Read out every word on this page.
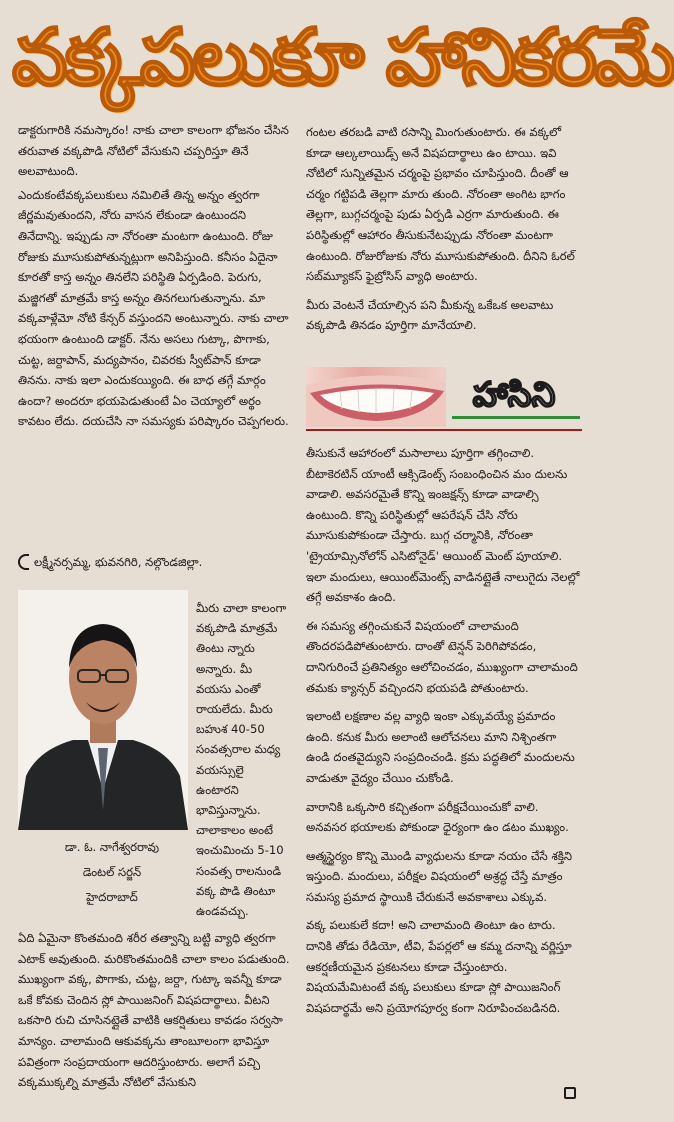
వక్కపలుకూ హానికరమే

డాక్టరుగారికి నమస్కారం! నాకు చాలా కాలంగా భోజనం చేసిన తరువాత వక్కపొడి నోటిలో వేసుకుని చప్పరిస్తూ తినే అలవాటుంది.

ఎందుకంటేవక్కపలుకులు నమిలితే తిన్న అన్నం త్వరగా జీర్ణమవుతుందని, నోరు వాసన లేకుండా ఉంటుందని తినేదాన్ని. ఇప్పుడు నా నోరంతా మంటగా ఉంటుంది. రోజు రోజుకు మూసుకుపోతున్నట్లుగా అనిపిస్తుంది. కనీసం ఏదైనా కూరతో కాస్త అన్నం తినలేని పరిస్థితి ఏర్పడింది. పెరుగు, మజ్జిగతో మాత్రమే కాస్త అన్నం తినగలుగుతున్నాను. మా వక్కవాళ్లేమో నోటి కేన్సర్ వస్తుందని అంటున్నారు. నాకు చాలా భయంగా ఉంటుంది డాక్టర్. నేను అసలు గుట్కా, పొగాకు, చుట్ట, జర్దాపాన్, మద్యపానం, చివరకు స్వీట్‌పాన్ కూడా తినను. నాకు ఇలా ఎందుకయ్యింది. ఈ బాధ తగ్గే మార్గం ఉందా? అందరూ భయపెడుతుంటే ఏం చెయ్యాలో అర్థం కావటం లేదు. దయచేసి నా సమస్యకు పరిష్కారం చెప్పగలరు.

లక్ష్మీనర్సమ్మ, భువనగిరి, నల్గొండజిల్లా.
డా. ఓ. నాగేశ్వరరావు
డెంటల్ సర్జన్
హైదరాబాద్
మీరు చాలా కాలంగా వక్కపొడి మాత్రమే తింటు న్నారు అన్నారు. మీ వయసు ఎంతో రాయలేదు. మీరు బహుశ 40-50 సంవత్సరాల మధ్య వయస్సులై ఉంటారని భావిస్తున్నాను. చాలాకాలం అంటే ఇంచుమించు 5-10 సంవత్స రాలనుండి వక్క పొడి తింటూ ఉండవచ్చు.
ఏది ఏమైనా కొంతమంది శరీర తత్వాన్ని బట్టి వ్యాధి త్వరగా ఎటాక్ అవుతుంది. మరికొంతమందికి చాలా కాలం పడుతుంది. ముఖ్యంగా వక్క, పొగాకు, చుట్ట, జర్దా, గుట్కా ఇవన్నీ కూడా ఒకే కోవకు చెందిన స్లో పాయిజనింగ్ విషపదార్థాలు. వీటని ఒకసారి రుచి చూసినట్లైతే వాటికి ఆకర్షితులు కావడం సర్వసా మాన్యం. చాలామంది ఆకువక్కను తాంబూలంగా భావిస్తూ పవిత్రంగా సంప్రదాయంగా ఆదరిస్తుంటారు. అలాగే పచ్చి వక్కముక్కల్ని మాత్రమే నోటిలో వేసుకుని

గంటల తరబడి వాటి రసాన్ని మింగుతుంటారు. ఈ వక్కలో కూడా ఆల్కలాయిడ్స్ అనే విషపదార్థాలు ఉం టాయి. ఇవి నోటిలో సున్నితమైన చర్మంపై ప్రభావం చూపిస్తుంది. దీంతో ఆ చర్మం గట్టిపడి తెల్లగా మారు తుంది. నోరంతా అంగిట భాగం తెల్లగా, బుగ్గచర్మంపై పుడు ఏర్పడి ఎర్రగా మారుతుంది. ఈ పరిస్థితుల్లో ఆహారం తీసుకునేటప్పుడు నోరంతా మంటగా ఉంటుంది. రోజురోజుకు నోరు మూసుకుపోతుంది. దీనిని ఓరల్ సబ్‌మ్యూకస్ ఫైబ్రోసిస్ వ్యాధి అంటారు.

మీరు వెంటనే చేయాల్సిన పని మీకున్న ఒకేఒక అలవాటు వక్కపొడి తినడం పూర్తిగా మానేయాలి.

హాసిని

తీసుకునే ఆహారంలో మసాలాలు పూర్తిగా తగ్గించాలి. బీటాకెరటిన్ యాంటీ ఆక్సిడెంట్స్ సంబంధించిన మం దులను వాడాలి. అవసరమైతే కొన్ని ఇంజక్షన్స్ కూడా వాడాల్సి ఉంటుంది. కొన్ని పరిస్థితుల్లో ఆపరేషన్ చేసి నోరు మూసుకుపోకుండా చేస్తారు. బుగ్గ చర్మానికి, నోరంతా 'ట్రైయామ్సినోలోన్ ఎసిటోనైడ్' ఆయింట్ మెంట్ పూయాలి. ఇలా మందులు, ఆయింట్‌మెంట్స్ వాడినట్లైతే నాలుగైదు నెలల్లో తగ్గే అవకాశం ఉంది.

ఈ సమస్య తగ్గించుకునే విషయంలో చాలామంది తొందరపడిపోతుంటారు. దాంతో టెన్షన్ పెరిగిపోవడం, దానిగురించే ప్రతినిత్యం ఆలోచించడం, ముఖ్యంగా చాలామంది తమకు క్యాన్సర్ వచ్చిందని భయపడి పోతుంటారు.

ఇలాంటి లక్షణాల వల్ల వ్యాధి ఇంకా ఎక్కువయ్యే ప్రమాదం ఉంది. కనుక మీరు అలాంటి ఆలోచనలు మాని నిశ్చింతగా ఉండి దంతవైద్యుని సంప్రదించండి. క్రమ పద్ధతిలో మందులను వాడుతూ వైద్యం చేయిం చుకోండి.

వారానికి ఒక్కసారి కచ్చితంగా పరీక్షచేయించుకో వాలి. అనవసర భయాలకు పోకుండా ధైర్యంగా ఉం డటం ముఖ్యం.

ఆత్మస్థైర్యం కొన్ని మొండి వ్యాధులను కూడా నయం చేసే శక్తిని ఇస్తుంది. మందులు, పరీక్షల విషయంలో అశ్రద్ధ చేస్తే మాత్రం సమస్య ప్రమాద స్థాయికి చేరుకునే అవకాశాలు ఎక్కువ.

వక్క పలుకులే కదా! అని చాలామంది తింటూ ఉం టారు. దానికి తోడు రేడియో, టీవి, పేపర్లలో ఆ కమ్మ దనాన్ని వర్ణిస్తూ ఆకర్షణీయమైన ప్రకటనలు కూడా చేస్తుంటారు. విషయమేమిటంటే వక్క పలుకులు కూడా స్లో పాయిజనింగ్ విషపదార్థమే అని ప్రయోగపూర్వ కంగా నిరూపించబడినది.
